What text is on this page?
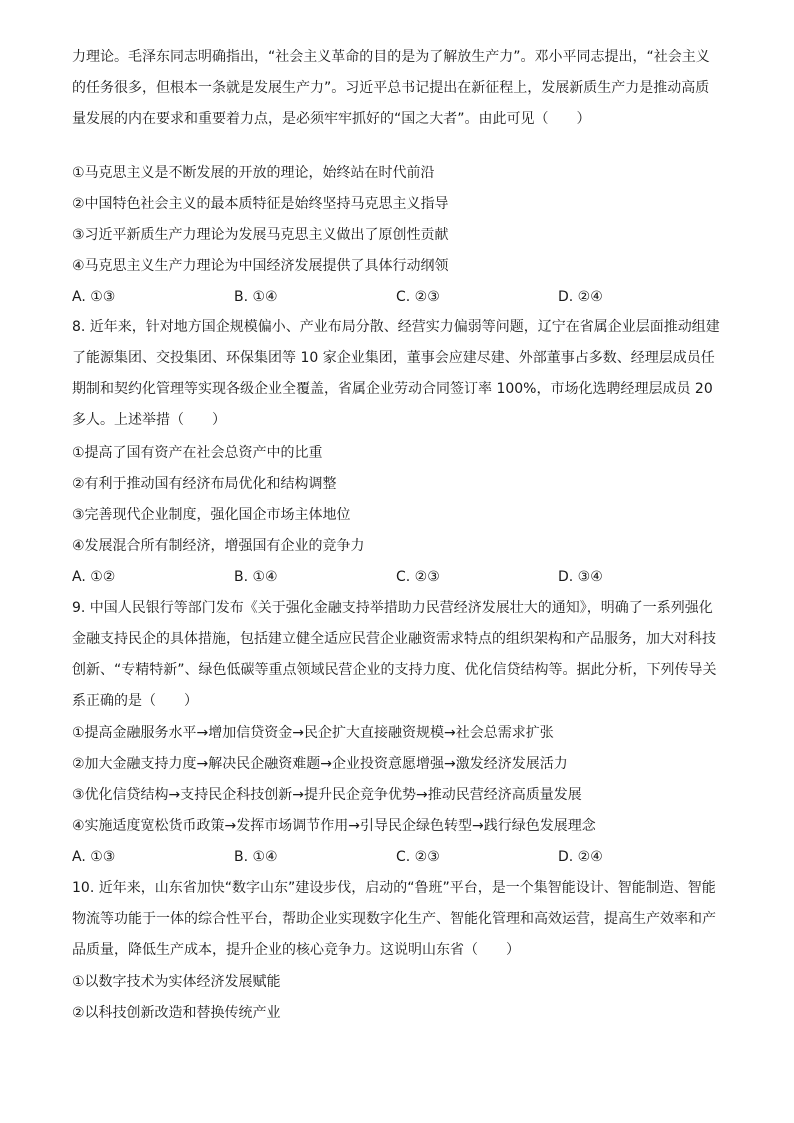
力理论。毛泽东同志明确指出，“社会主义革命的目的是为了解放生产力”。邓小平同志提出，“社会主义的任务很多，但根本一条就是发展生产力”。习近平总书记提出在新征程上，发展新质生产力是推动高质量发展的内在要求和重要着力点，是必须牢牢抓好的“国之大者”。由此可见（　　）

①马克思主义是不断发展的开放的理论，始终站在时代前沿

②中国特色社会主义的最本质特征是始终坚持马克思主义指导

③习近平新质生产力理论为发展马克思主义做出了原创性贡献

④马克思主义生产力理论为中国经济发展提供了具体行动纲领

A. ①③	B. ①④	C. ②③	D. ②④

8. 近年来，针对地方国企规模偏小、产业布局分散、经营实力偏弱等问题，辽宁在省属企业层面推动组建了能源集团、交投集团、环保集团等 10 家企业集团，董事会应建尽建、外部董事占多数、经理层成员任期制和契约化管理等实现各级企业全覆盖，省属企业劳动合同签订率 100%，市场化选聘经理层成员 20 多人。上述举措（　　）

①提高了国有资产在社会总资产中的比重

②有利于推动国有经济布局优化和结构调整

③完善现代企业制度，强化国企市场主体地位

④发展混合所有制经济，增强国有企业的竞争力

A. ①②	B. ①④	C. ②③	D. ③④

9. 中国人民银行等部门发布《关于强化金融支持举措助力民营经济发展壮大的通知》，明确了一系列强化金融支持民企的具体措施，包括建立健全适应民营企业融资需求特点的组织架构和产品服务，加大对科技创新、“专精特新”、绿色低碳等重点领域民营企业的支持力度、优化信贷结构等。据此分析，下列传导关系正确的是（　　）

①提高金融服务水平→增加信贷资金→民企扩大直接融资规模→社会总需求扩张

②加大金融支持力度→解决民企融资难题→企业投资意愿增强→激发经济发展活力

③优化信贷结构→支持民企科技创新→提升民企竞争优势→推动民营经济高质量发展

④实施适度宽松货币政策→发挥市场调节作用→引导民企绿色转型→践行绿色发展理念

A. ①③	B. ①④	C. ②③	D. ②④

10. 近年来，山东省加快“数字山东”建设步伐，启动的“鲁班”平台，是一个集智能设计、智能制造、智能物流等功能于一体的综合性平台，帮助企业实现数字化生产、智能化管理和高效运营，提高生产效率和产品质量，降低生产成本，提升企业的核心竞争力。这说明山东省（　　）

①以数字技术为实体经济发展赋能

②以科技创新改造和替换传统产业
